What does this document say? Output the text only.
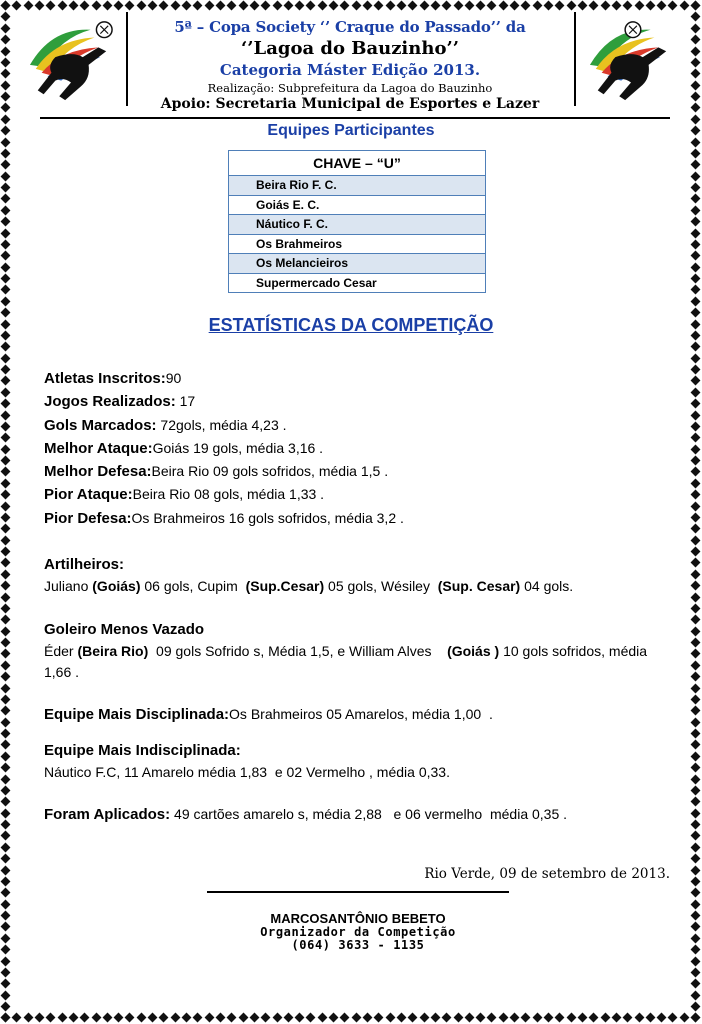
5ª – Copa Society ‘’ Craque do Passado’’ da
‘’Lagoa do Bauzinho’’
Categoria Máster Edição 2013.
Realização: Subprefeitura da Lagoa do Bauzinho
Apoio: Secretaria Municipal de Esportes e Lazer
Equipes Participantes
CHAVE – “U”
Beira Rio F. C.
Goiás E. C.
Náutico F. C.
Os Brahmeiros
Os Melancieiros
Supermercado Cesar
ESTATÍSTICAS DA COMPETIÇÃO
Atletas Inscritos:90
Jogos Realizados: 17
Gols Marcados: 72gols, média 4,23 .
Melhor Ataque:Goiás 19 gols, média 3,16 .
Melhor Defesa:Beira Rio 09 gols sofridos, média 1,5 .
Pior Ataque:Beira Rio 08 gols, média 1,33 .
Pior Defesa:Os Brahmeiros 16 gols sofridos, média 3,2 .
Artilheiros:
Juliano (Goiás) 06 gols, Cupim  (Sup.Cesar) 05 gols, Wésiley  (Sup. Cesar) 04 gols.
Goleiro Menos Vazado
Éder (Beira Rio)  09 gols Sofrido s, Média 1,5, e William Alves    (Goiás ) 10 gols sofridos, média 1,66 .
Equipe Mais Disciplinada:Os Brahmeiros 05 Amarelos, média 1,00  .
Equipe Mais Indisciplinada:
Náutico F.C, 11 Amarelo média 1,83  e 02 Vermelho , média 0,33.
Foram Aplicados: 49 cartões amarelo s, média 2,88   e 06 vermelho  média 0,35 .
Rio Verde, 09 de setembro de 2013.
MARCOSANTÔNIO BEBETO
Organizador da Competição
(064) 3633 - 1135
